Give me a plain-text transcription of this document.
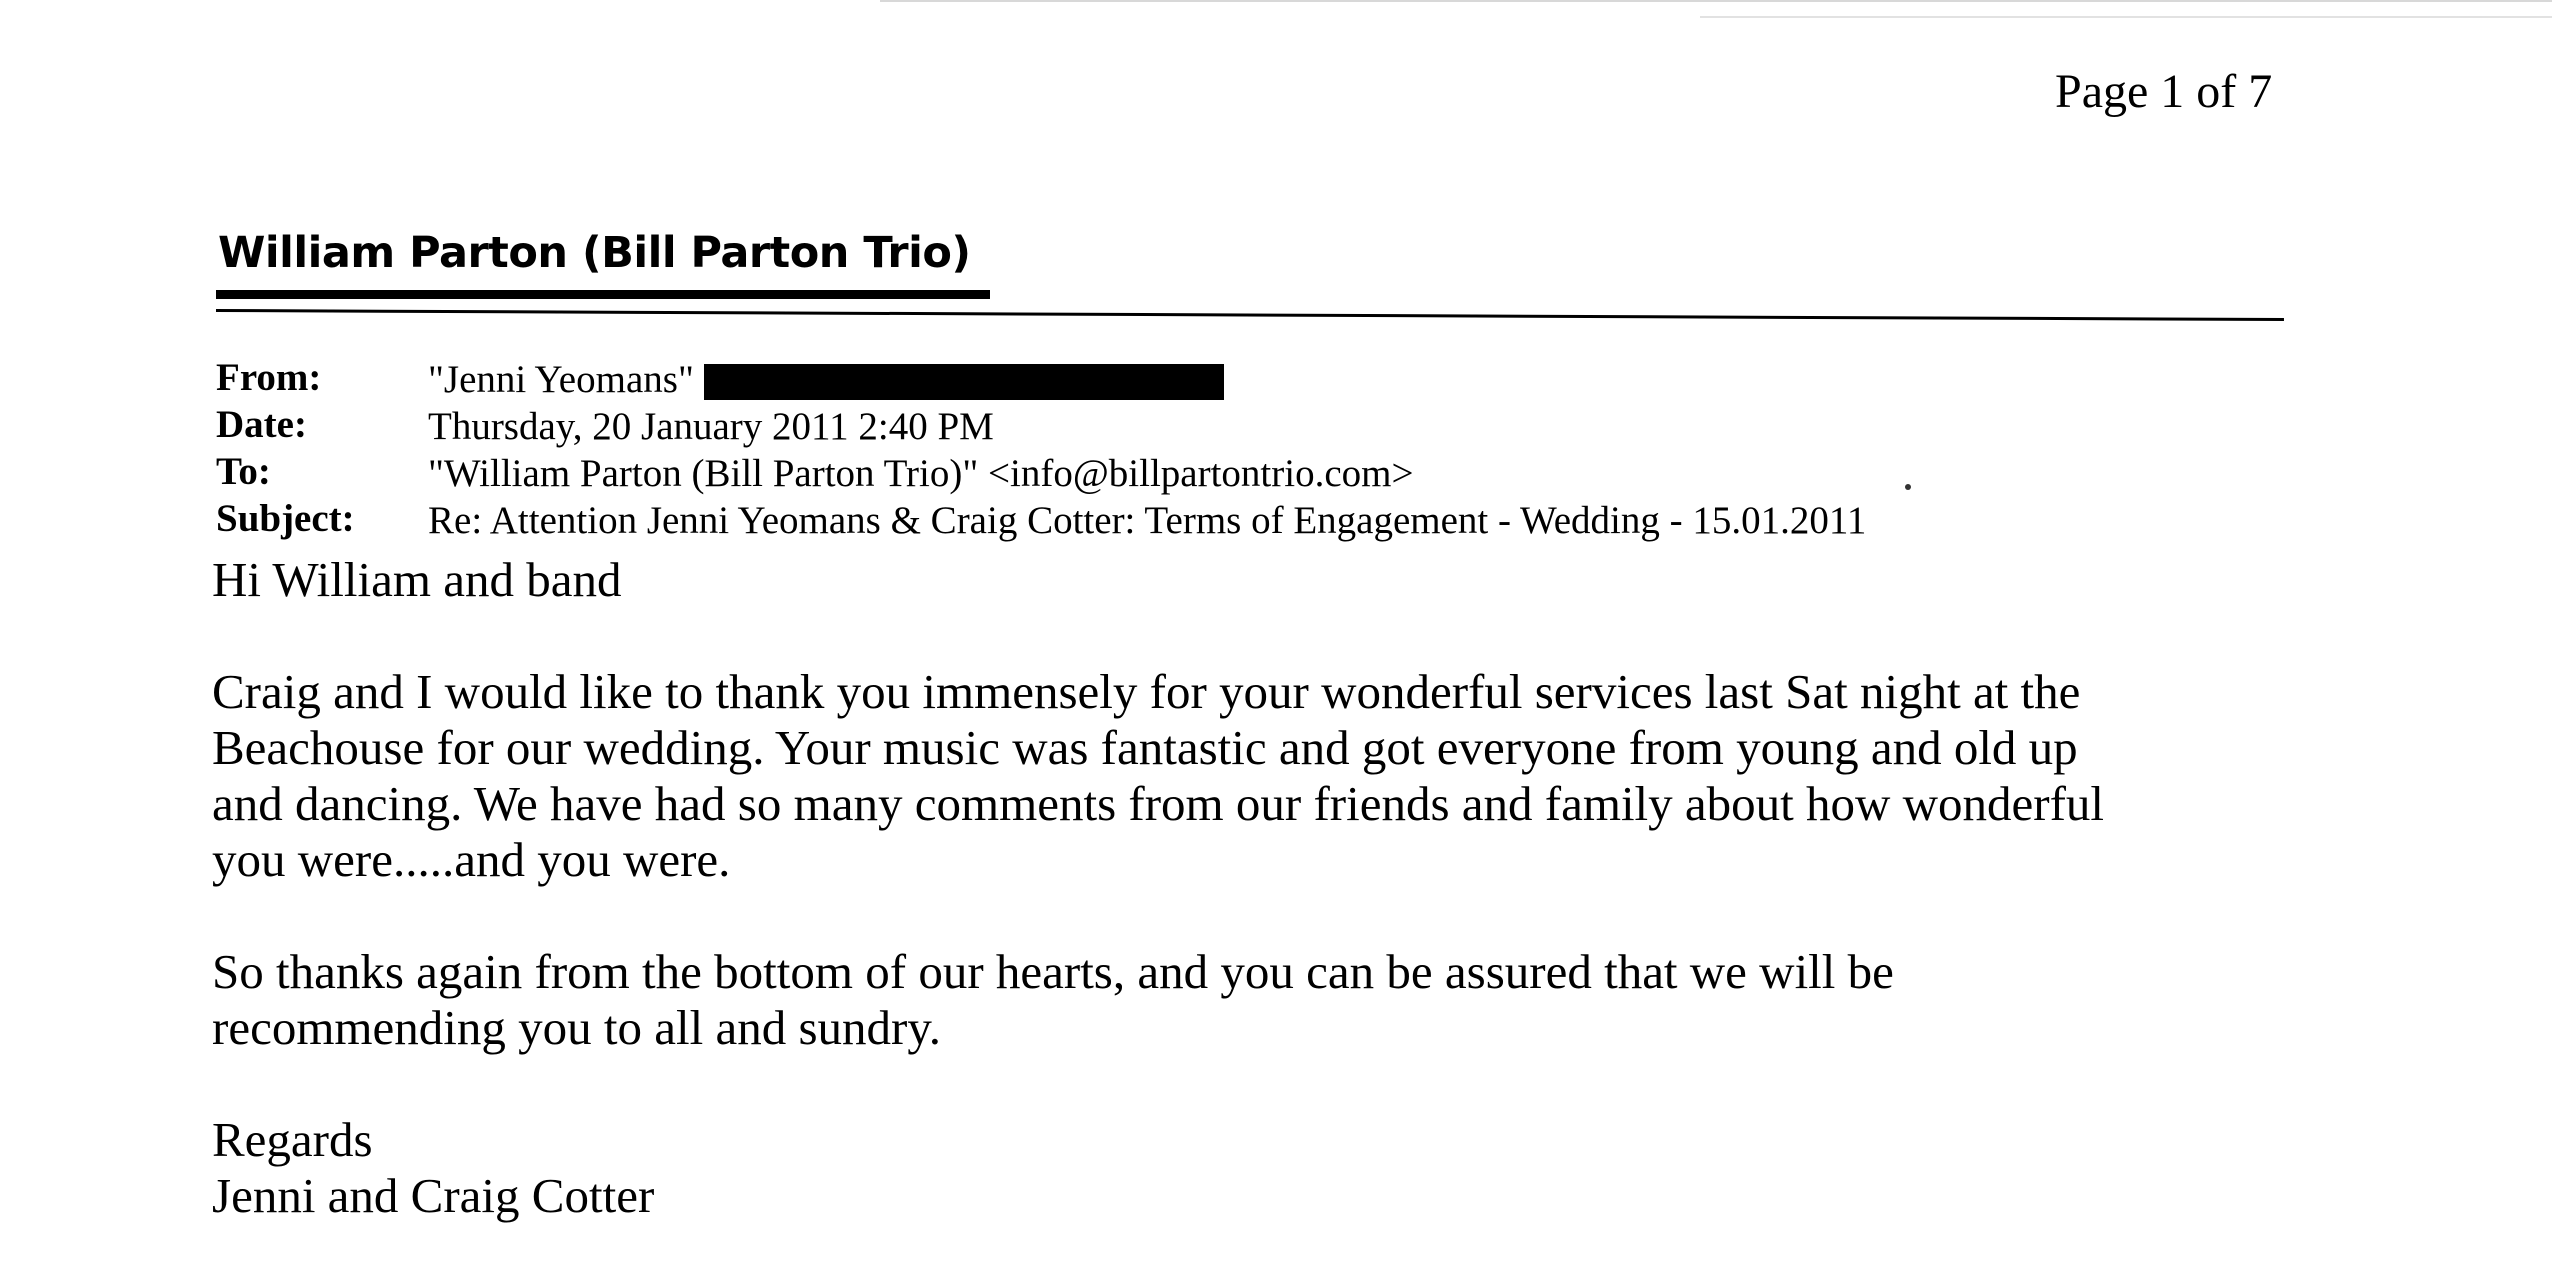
Page 1 of 7
William Parton (Bill Parton Trio)
From:	"Jenni Yeomans"
Date:	Thursday, 20 January 2011 2:40 PM
To:	"William Parton (Bill Parton Trio)" <info@billpartontrio.com>
Subject: Re: Attention Jenni Yeomans & Craig Cotter: Terms of Engagement - Wedding - 15.01.2011
Hi William and band
Craig and I would like to thank you immensely for your wonderful services last Sat night at the
Beachouse for our wedding. Your music was fantastic and got everyone from young and old up
and dancing. We have had so many comments from our friends and family about how wonderful
you were.....and you were.
So thanks again from the bottom of our hearts, and you can be assured that we will be
recommending you to all and sundry.
Regards
Jenni and Craig Cotter
